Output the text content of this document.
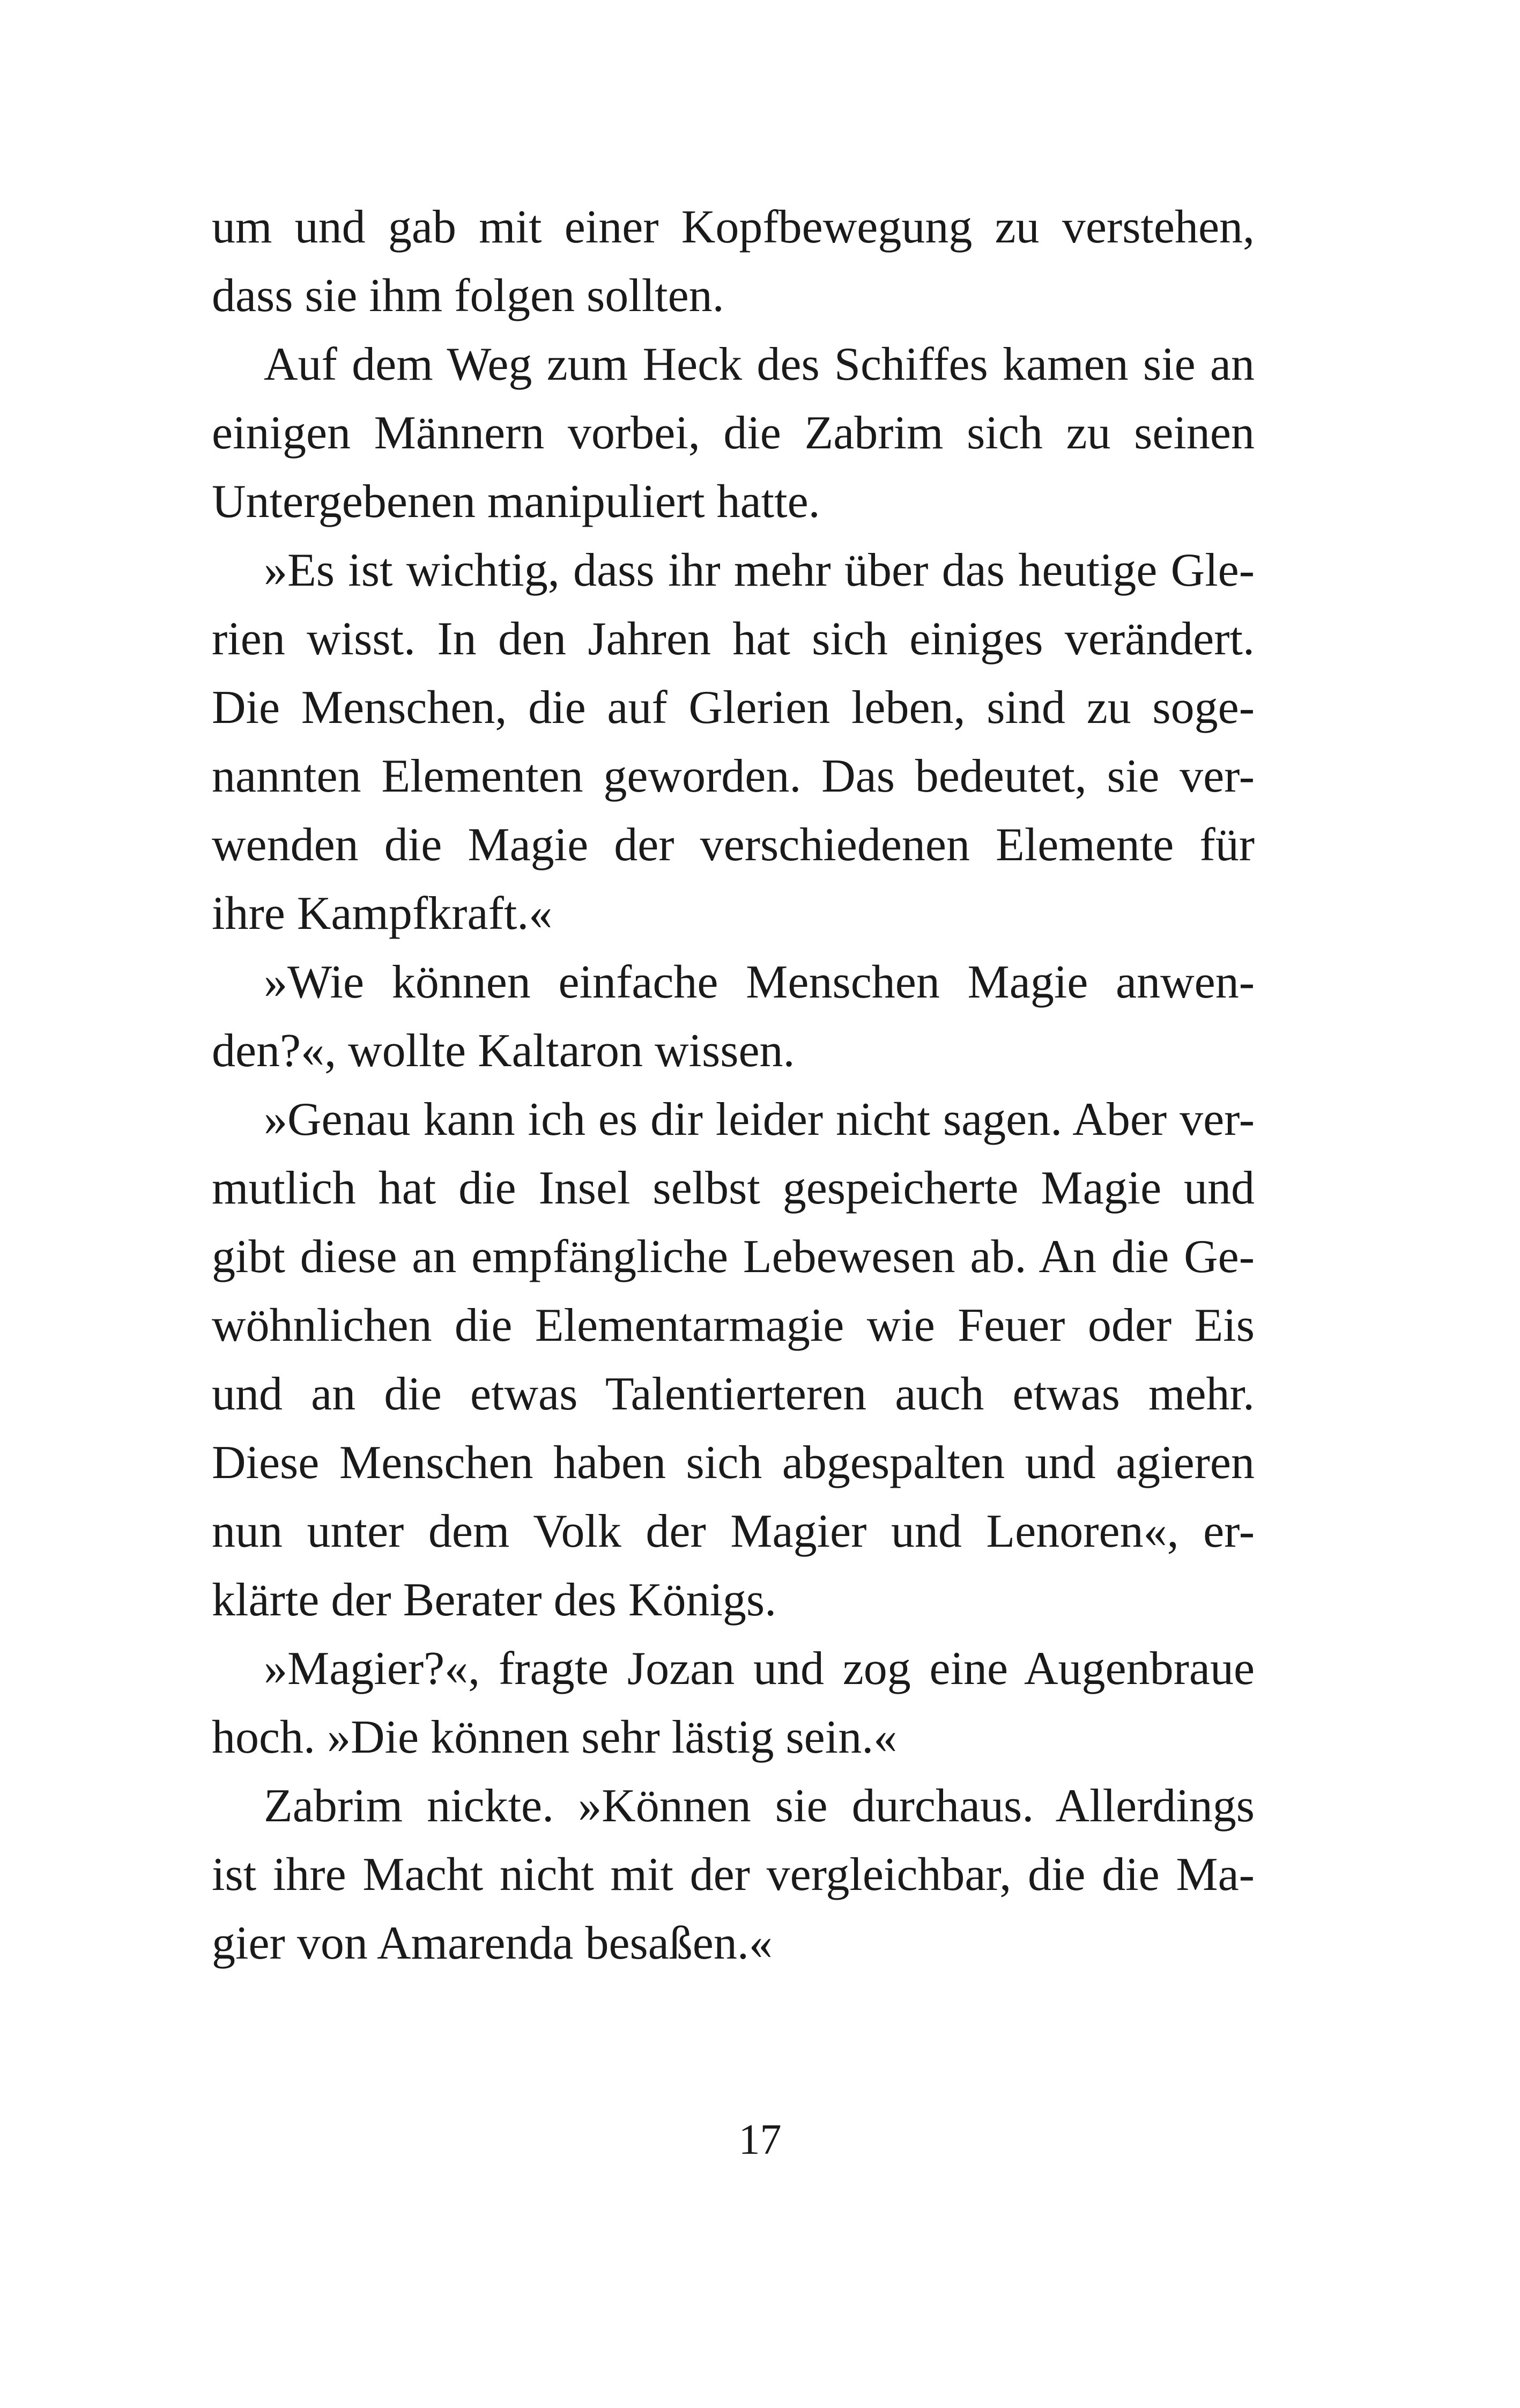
um und gab mit einer Kopfbewegung zu verstehen,
dass sie ihm folgen sollten.
Auf dem Weg zum Heck des Schiffes kamen sie an
einigen Männern vorbei, die Zabrim sich zu seinen
Untergebenen manipuliert hatte.
»Es ist wichtig, dass ihr mehr über das heutige Gle-
rien wisst. In den Jahren hat sich einiges verändert.
Die Menschen, die auf Glerien leben, sind zu soge-
nannten Elementen geworden. Das bedeutet, sie ver-
wenden die Magie der verschiedenen Elemente für
ihre Kampfkraft.«
»Wie können einfache Menschen Magie anwen-
den?«, wollte Kaltaron wissen.
»Genau kann ich es dir leider nicht sagen. Aber ver-
mutlich hat die Insel selbst gespeicherte Magie und
gibt diese an empfängliche Lebewesen ab. An die Ge-
wöhnlichen die Elementarmagie wie Feuer oder Eis
und an die etwas Talentierteren auch etwas mehr.
Diese Menschen haben sich abgespalten und agieren
nun unter dem Volk der Magier und Lenoren«, er-
klärte der Berater des Königs.
»Magier?«, fragte Jozan und zog eine Augenbraue
hoch. »Die können sehr lästig sein.«
Zabrim nickte. »Können sie durchaus. Allerdings
ist ihre Macht nicht mit der vergleichbar, die die Ma-
gier von Amarenda besaßen.«
17
